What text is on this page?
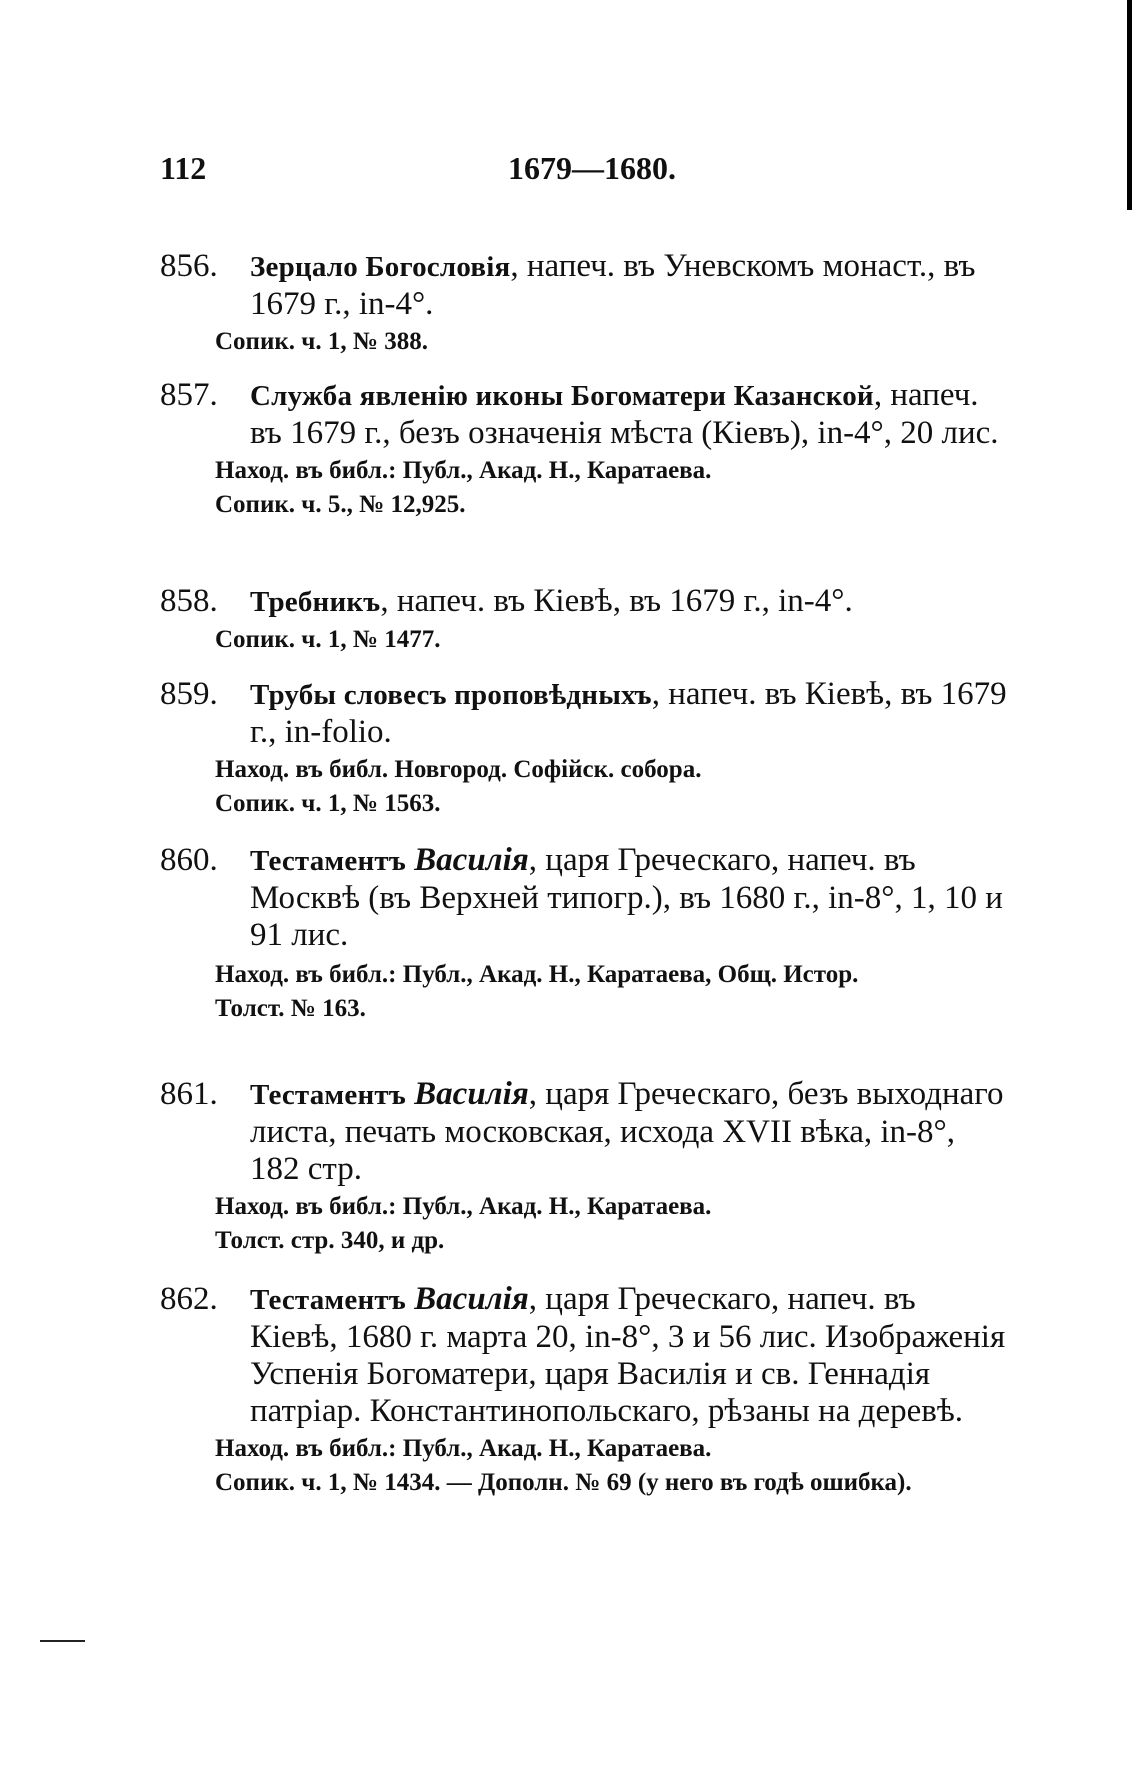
112	1679—1680.
856. Зерцало Богословія, напеч. въ Уневскомъ монаст., въ 1679 г., in-4°.
Сопик. ч. 1, № 388.
857. Служба явленію иконы Богоматери Казанской, напеч. въ 1679 г., безъ означенія мѣста (Кіевъ), in-4°, 20 лис.
Наход. въ библ.: Публ., Акад. Н., Каратаева.
Сопик. ч. 5., № 12,925.
858. Требникъ, напеч. въ Кіевѣ, въ 1679 г., in-4°.
Сопик. ч. 1, № 1477.
859. Трубы словесъ проповѣдныхъ, напеч. въ Кіевѣ, въ 1679 г., in-folio.
Наход. въ библ. Новгород. Софійск. собора.
Сопик. ч. 1, № 1563.
860. Тестаментъ Василія, царя Греческаго, напеч. въ Москвѣ (въ Верхней типогр.), въ 1680 г., in-8°, 1, 10 и 91 лис.
Наход. въ библ.: Публ., Акад. Н., Каратаева, Общ. Истор.
Толст. № 163.
861. Тестаментъ Василія, царя Греческаго, безъ выходнаго листа, печать московская, исхода XVII вѣка, in-8°, 182 стр.
Наход. въ библ.: Публ., Акад. Н., Каратаева.
Толст. стр. 340, и др.
862. Тестаментъ Василія, царя Греческаго, напеч. въ Кіевѣ, 1680 г. марта 20, in-8°, 3 и 56 лис. Изображенія Успенія Богоматери, царя Василія и св. Геннадія патріар. Константинопольскаго, рѣзаны на деревѣ.
Наход. въ библ.: Публ., Акад. Н., Каратаева.
Сопик. ч. 1, № 1434. — Дополн. № 69 (у него въ годѣ ошибка).
